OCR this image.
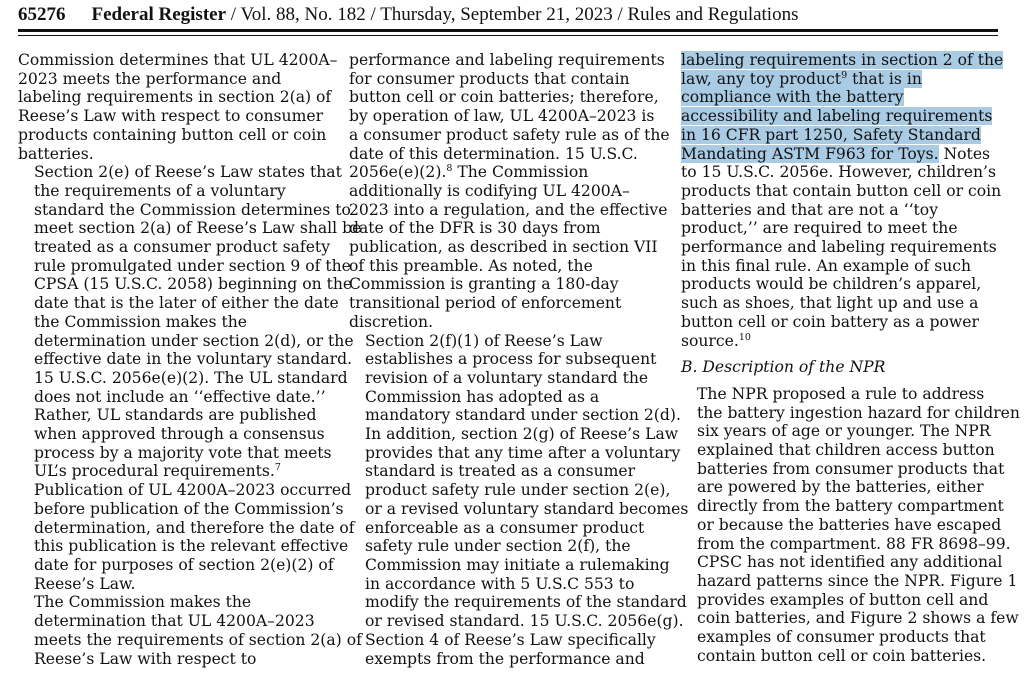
65276 Federal Register / Vol. 88, No. 182 / Thursday, September 21, 2023 / Rules and Regulations

Commission determines that UL 4200A–
2023 meets the performance and
labeling requirements in section 2(a) of
Reese’s Law with respect to consumer
products containing button cell or coin
batteries.

Section 2(e) of Reese’s Law states that
the requirements of a voluntary
standard the Commission determines to
meet section 2(a) of Reese’s Law shall be
treated as a consumer product safety
rule promulgated under section 9 of the
CPSA (15 U.S.C. 2058) beginning on the
date that is the later of either the date
the Commission makes the
determination under section 2(d), or the
effective date in the voluntary standard.
15 U.S.C. 2056e(e)(2). The UL standard
does not include an ‘‘effective date.’’
Rather, UL standards are published
when approved through a consensus
process by a majority vote that meets
UL’s procedural requirements.$^7$
Publication of UL 4200A–2023 occurred
before publication of the Commission’s
determination, and therefore the date of
this publication is the relevant effective
date for purposes of section 2(e)(2) of
Reese’s Law.

The Commission makes the
determination that UL 4200A–2023
meets the requirements of section 2(a) of
Reese’s Law with respect to

performance and labeling requirements
for consumer products that contain
button cell or coin batteries; therefore,
by operation of law, UL 4200A–2023 is
a consumer product safety rule as of the
date of this determination. 15 U.S.C.
2056e(e)(2).$^8$ The Commission
additionally is codifying UL 4200A–
2023 into a regulation, and the effective
date of the DFR is 30 days from
publication, as described in section VII
of this preamble. As noted, the
Commission is granting a 180-day
transitional period of enforcement
discretion.

Section 2(f)(1) of Reese’s Law
establishes a process for subsequent
revision of a voluntary standard the
Commission has adopted as a
mandatory standard under section 2(d).
In addition, section 2(g) of Reese’s Law
provides that any time after a voluntary
standard is treated as a consumer
product safety rule under section 2(e),
or a revised voluntary standard becomes
enforceable as a consumer product
safety rule under section 2(f), the
Commission may initiate a rulemaking
in accordance with 5 U.S.C 553 to
modify the requirements of the standard
or revised standard. 15 U.S.C. 2056e(g).

Section 4 of Reese’s Law specifically
exempts from the performance and

labeling requirements in section 2 of the
law, any toy product$^9$ that is in
compliance with the battery
accessibility and labeling requirements
in 16 CFR part 1250, Safety Standard
Mandating ASTM F963 for Toys. Notes
to 15 U.S.C. 2056e. However, children’s
products that contain button cell or coin
batteries and that are not a ‘‘toy
product,’’ are required to meet the
performance and labeling requirements
in this final rule. An example of such
products would be children’s apparel,
such as shoes, that light up and use a
button cell or coin battery as a power
source.$^{10}$

B. Description of the NPR

The NPR proposed a rule to address
the battery ingestion hazard for children
six years of age or younger. The NPR
explained that children access button
batteries from consumer products that
are powered by the batteries, either
directly from the battery compartment
or because the batteries have escaped
from the compartment. 88 FR 8698–99.
CPSC has not identified any additional
hazard patterns since the NPR. Figure 1
provides examples of button cell and
coin batteries, and Figure 2 shows a few
examples of consumer products that
contain button cell or coin batteries.
